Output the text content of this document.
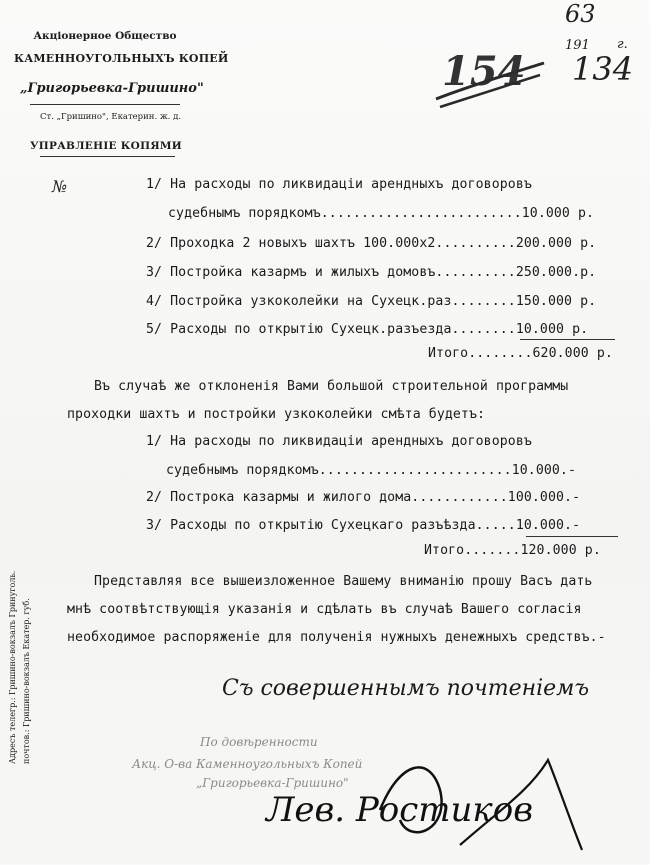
63
191 г.
154 134
Акціонерное Общество
КАМЕННОУГОЛЬНЫХЪ КОПЕЙ
„Григорьевка-Гришино"
Ст. „Гришино", Екатерин. ж. д.
УПРАВЛЕНІЕ КОПЯМИ
Адресъ телегр.: Гришино-вокзалъ Гринуголь. почтов.: Гришино-вокзалъ Екатер. губ.
№	1/ На расходы по ликвидаціи арендныхъ договоровъ
судебнымъ порядкомъ.........................10.000 р.
2/ Проходка 2 новыхъ шахтъ 100.000х2..........200.000 р.
3/ Постройка казармъ и жилыхъ домовъ..........250.000.р.
4/ Постройка узкоколейки на Сухецк.раз........150.000 р.
5/ Расходы по открытію Сухецк.разъезда........10.000 р.
Итого........620.000 р.
Въ случаѣ же отклоненія Вами большой строительной программы
проходки шахтъ и постройки узкоколейки смѣта будетъ:
1/ На расходы по ликвидаціи арендныхъ договоровъ
судебнымъ порядкомъ........................10.000.-
2/ Построка казармы и жилого дома............100.000.-
3/ Расходы по открытію Сухецкаго разъѣзда.....10.000.-
Итого.......120.000 р.
Представляя все вышеизложенное Вашему вниманію прошу Васъ дать
мнѣ соотвѣтствующія указанія и сдѣлать въ случаѣ Вашего согласія
необходимое распоряженіе для полученія нужныхъ денежныхъ средствъ.-
Съ совершеннымъ почтеніемъ
По довѣренности
Акц. О-ва Каменноугольныхъ Копей
„Григорьевка-Гришино"
Лев. Ростиков
